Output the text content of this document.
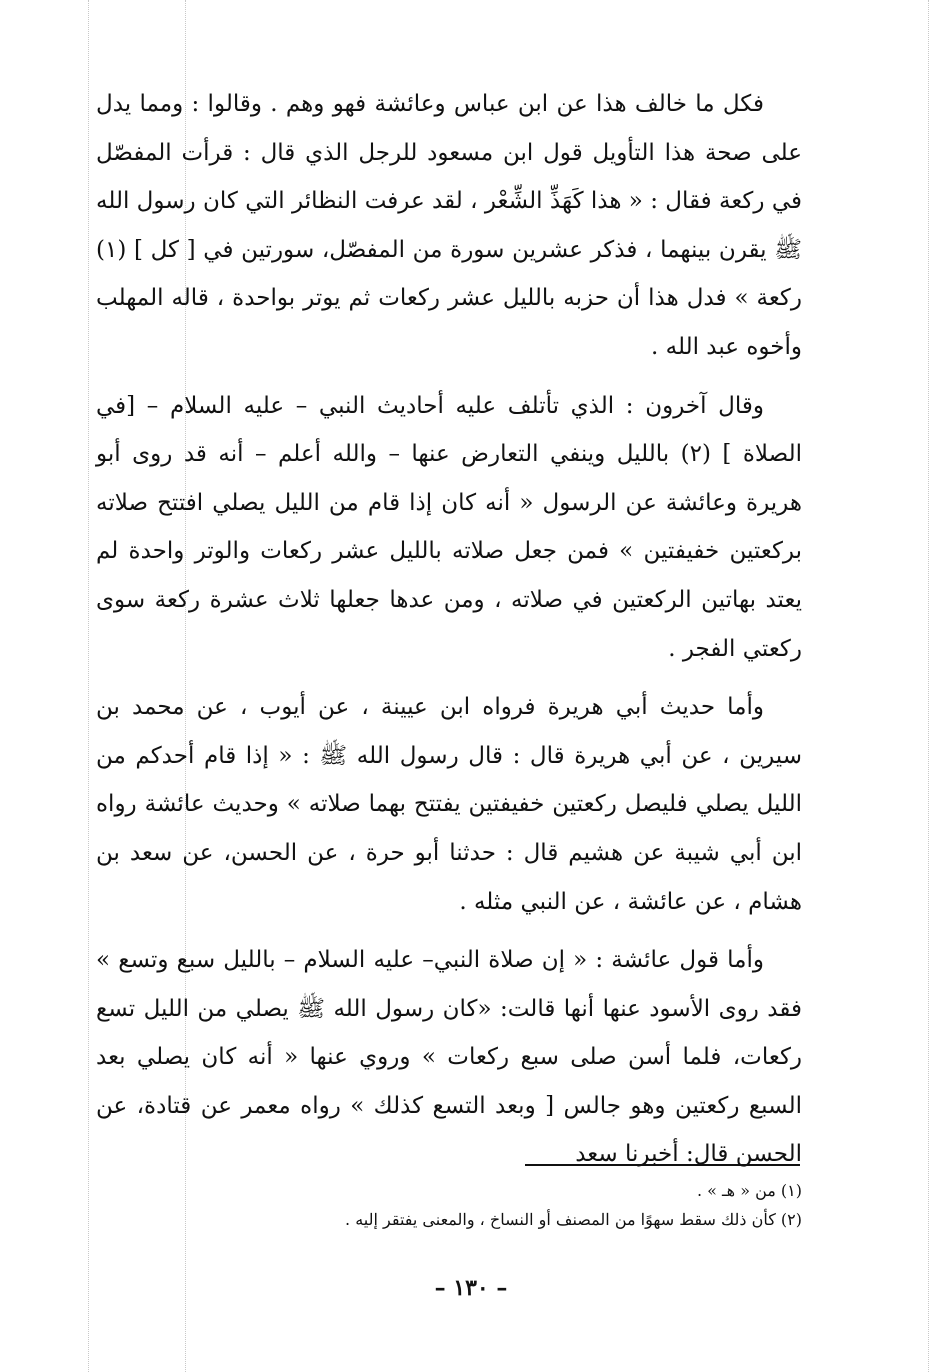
فكل ما خالف هذا عن ابن عباس وعائشة فهو وهم . وقالوا : ومما يدل على صحة هذا التأويل قول ابن مسعود للرجل الذي قال : قرأت المفصّل في ركعة فقال : « هذا كَهَذِّ الشِّعْر ، لقد عرفت النظائر التي كان رسول الله ﷺ يقرن بينهما ، فذكر عشرين سورة من المفصّل، سورتين في [ كل ] (١) ركعة » فدل هذا أن حزبه بالليل عشر ركعات ثم يوتر بواحدة ، قاله المهلب وأخوه عبد الله .

وقال آخرون : الذي تأتلف عليه أحاديث النبي – عليه السلام – [في الصلاة ] (٢) بالليل وينفي التعارض عنها – والله أعلم – أنه قد روى أبو هريرة وعائشة عن الرسول « أنه كان إذا قام من الليل يصلي افتتح صلاته بركعتين خفيفتين » فمن جعل صلاته بالليل عشر ركعات والوتر واحدة لم يعتد بهاتين الركعتين في صلاته ، ومن عدها جعلها ثلاث عشرة ركعة سوى ركعتي الفجر .

وأما حديث أبي هريرة فرواه ابن عيينة ، عن أيوب ، عن محمد بن سيرين ، عن أبي هريرة قال : قال رسول الله ﷺ : « إذا قام أحدكم من الليل يصلي فليصل ركعتين خفيفتين يفتتح بهما صلاته » وحديث عائشة رواه ابن أبي شيبة عن هشيم قال : حدثنا أبو حرة ، عن الحسن، عن سعد بن هشام ، عن عائشة ، عن النبي مثله .

وأما قول عائشة : « إن صلاة النبي– عليه السلام – بالليل سبع وتسع » فقد روى الأسود عنها أنها قالت: «كان رسول الله ﷺ يصلي من الليل تسع ركعات، فلما أسن صلى سبع ركعات » وروي عنها « أنه كان يصلي بعد السبع ركعتين وهو جالس [ وبعد التسع كذلك » رواه معمر عن قتادة، عن الحسن قال: أخبرنا سعد

(١) من « هـ » .

(٢) كأن ذلك سقط سهوًا من المصنف أو النساخ ، والمعنى يفتقر إليه .

– ١٣٠ –
